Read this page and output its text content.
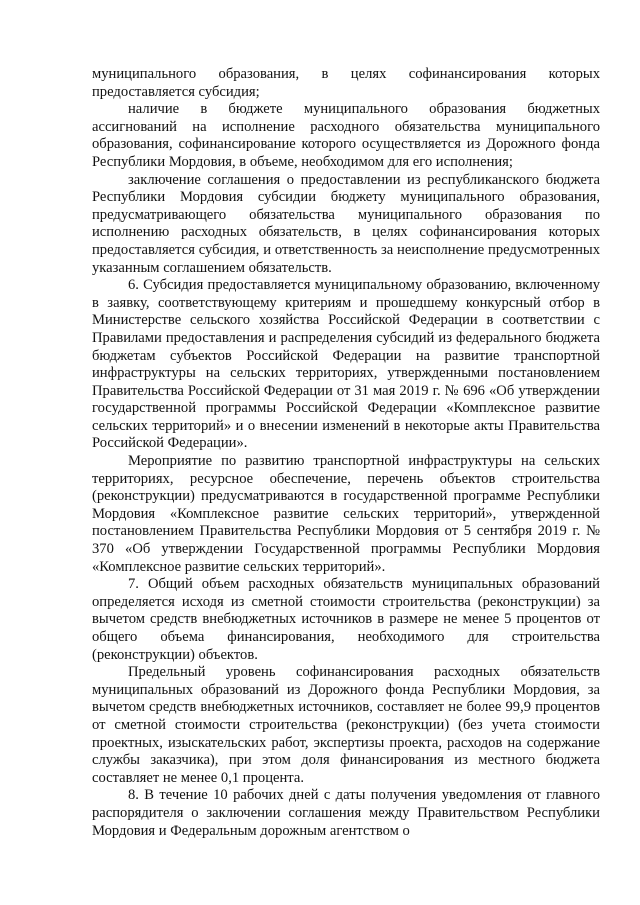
муниципального образования, в целях софинансирования которых предоставляется субсидия;

наличие в бюджете муниципального образования бюджетных ассигнований на исполнение расходного обязательства муниципального образования, софинансирование которого осуществляется из Дорожного фонда Республики Мордовия, в объеме, необходимом для его исполнения;

заключение соглашения о предоставлении из республиканского бюджета Республики Мордовия субсидии бюджету муниципального образования, предусматривающего обязательства муниципального образования по исполнению расходных обязательств, в целях софинансирования которых предоставляется субсидия, и ответственность за неисполнение предусмотренных указанным соглашением обязательств.

6. Субсидия предоставляется муниципальному образованию, включенному в заявку, соответствующему критериям и прошедшему конкурсный отбор в Министерстве сельского хозяйства Российской Федерации в соответствии с Правилами предоставления и распределения субсидий из федерального бюджета бюджетам субъектов Российской Федерации на развитие транспортной инфраструктуры на сельских территориях, утвержденными постановлением Правительства Российской Федерации от 31 мая 2019 г. № 696 «Об утверждении государственной программы Российской Федерации «Комплексное развитие сельских территорий» и о внесении изменений в некоторые акты Правительства Российской Федерации».

Мероприятие по развитию транспортной инфраструктуры на сельских территориях, ресурсное обеспечение, перечень объектов строительства (реконструкции) предусматриваются в государственной программе Республики Мордовия «Комплексное развитие сельских территорий», утвержденной постановлением Правительства Республики Мордовия от 5 сентября 2019 г. № 370 «Об утверждении Государственной программы Республики Мордовия «Комплексное развитие сельских территорий».

7. Общий объем расходных обязательств муниципальных образований определяется исходя из сметной стоимости строительства (реконструкции) за вычетом средств внебюджетных источников в размере не менее 5 процентов от общего объема финансирования, необходимого для строительства (реконструкции) объектов.

Предельный уровень софинансирования расходных обязательств муниципальных образований из Дорожного фонда Республики Мордовия, за вычетом средств внебюджетных источников, составляет не более 99,9 процентов от сметной стоимости строительства (реконструкции) (без учета стоимости проектных, изыскательских работ, экспертизы проекта, расходов на содержание службы заказчика), при этом доля финансирования из местного бюджета составляет не менее 0,1 процента.

8. В течение 10 рабочих дней с даты получения уведомления от главного распорядителя о заключении соглашения между Правительством Республики Мордовия и Федеральным дорожным агентством о
